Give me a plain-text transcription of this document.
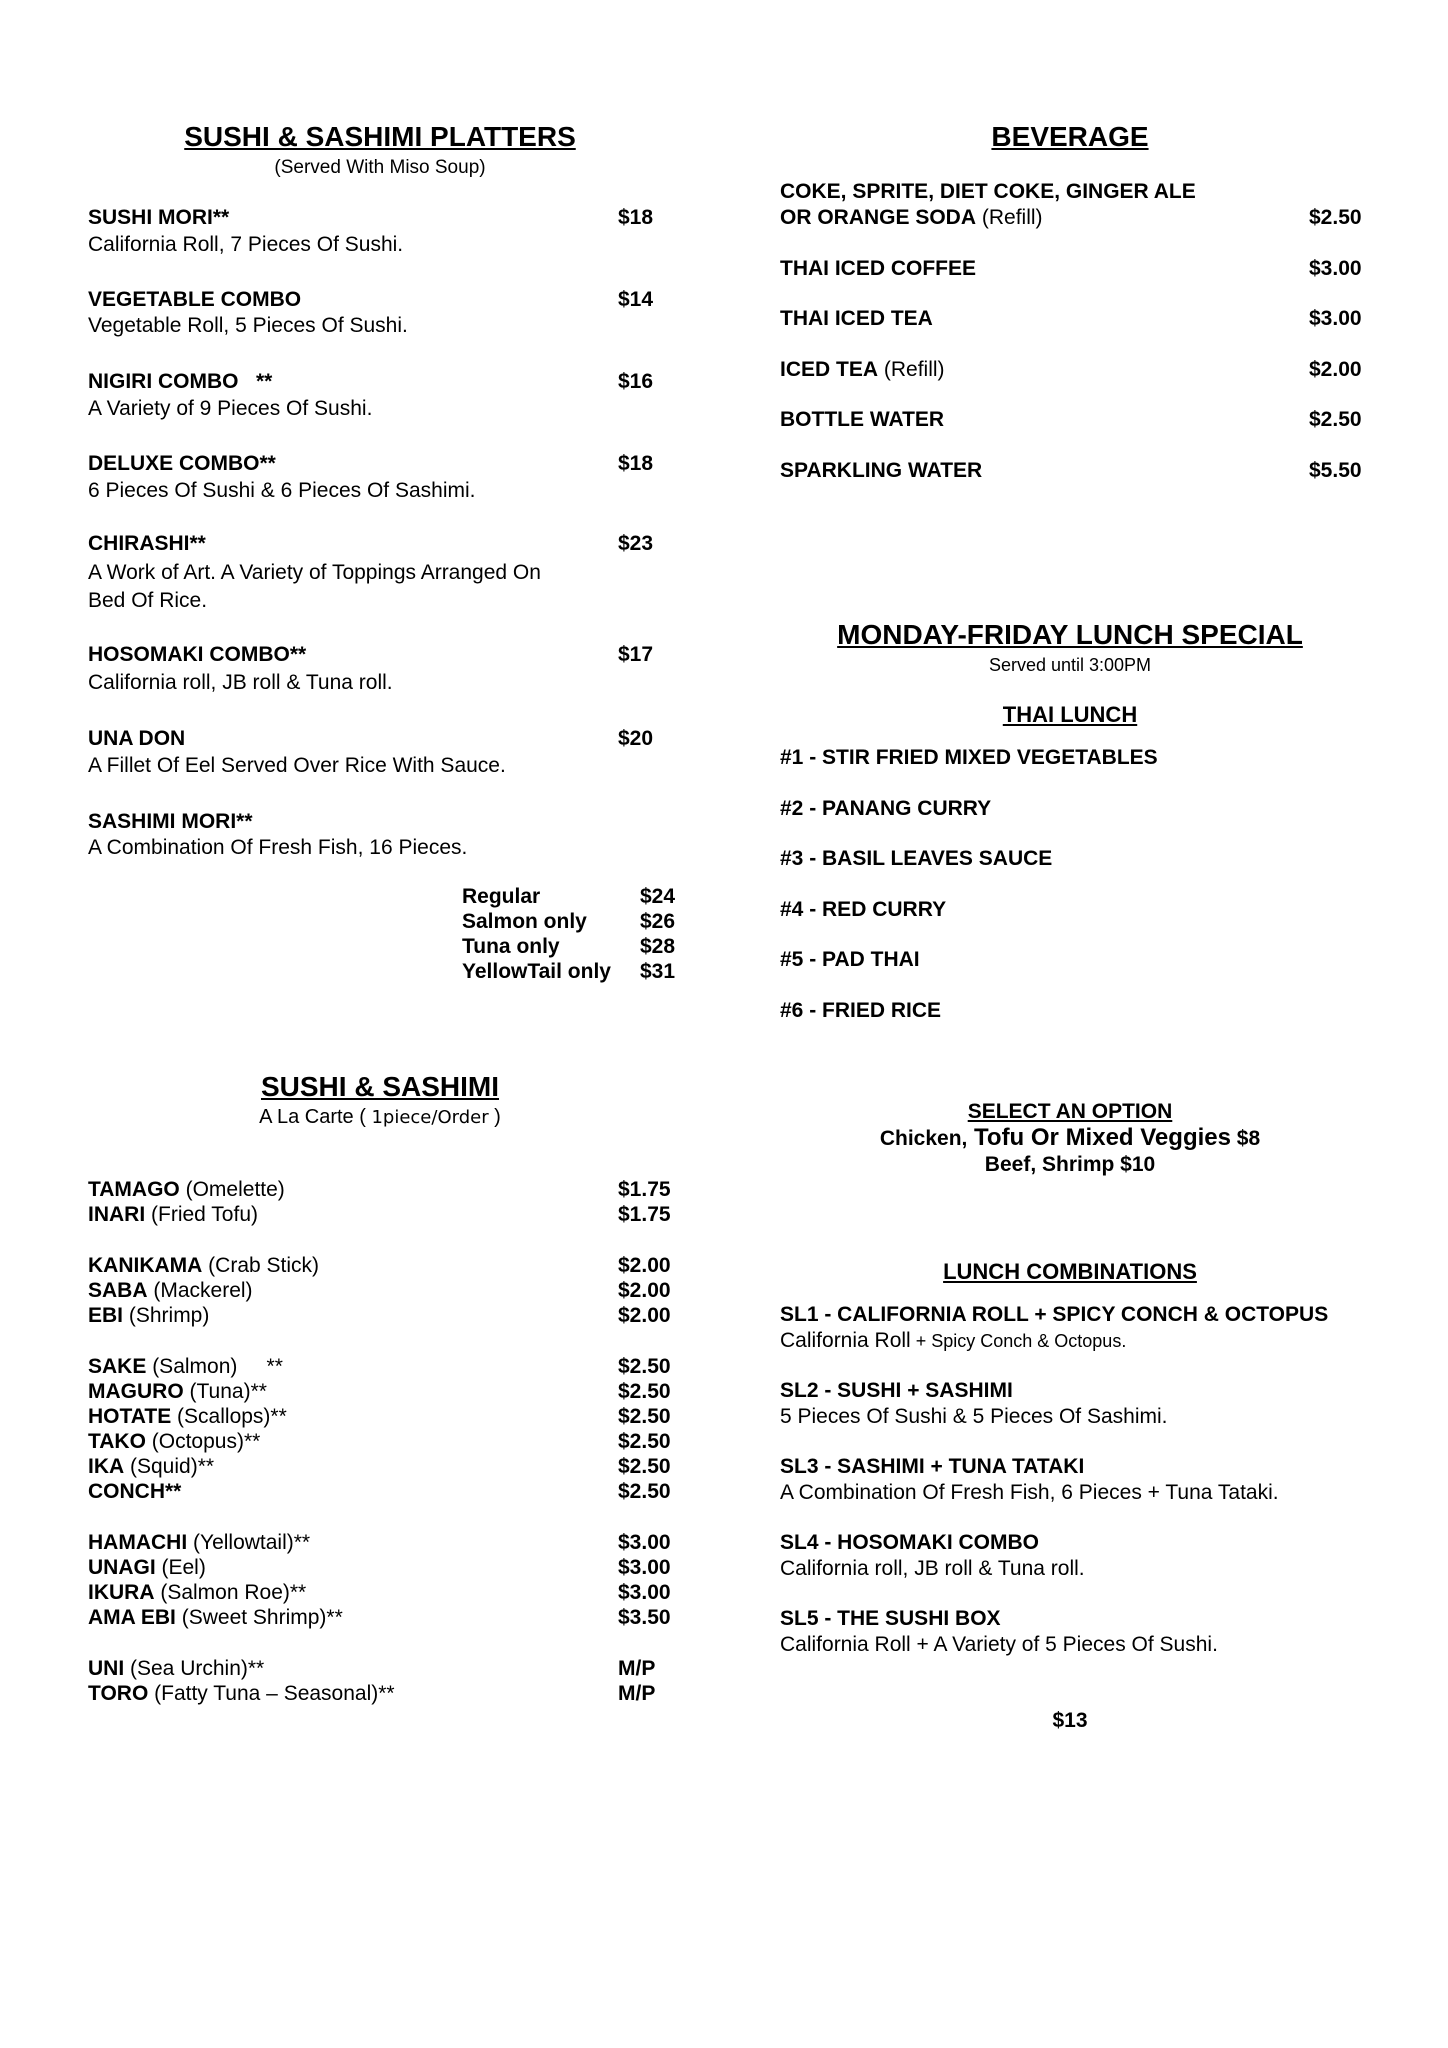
SUSHI & SASHIMI PLATTERS
(Served With Miso Soup)
SUSHI MORI**	$18
California Roll, 7 Pieces Of Sushi.
VEGETABLE COMBO	$14
Vegetable Roll, 5 Pieces Of Sushi.
NIGIRI COMBO   **	$16
A Variety of 9 Pieces Of Sushi.
DELUXE COMBO**	$18
6 Pieces Of Sushi & 6 Pieces Of Sashimi.
CHIRASHI**	$23
A Work of Art. A Variety of Toppings Arranged On
Bed Of Rice.
HOSOMAKI COMBO**	$17
California roll, JB roll & Tuna roll.
UNA DON	$20
A Fillet Of Eel Served Over Rice With Sauce.
SASHIMI MORI**
A Combination Of Fresh Fish, 16 Pieces.
Regular	$24
Salmon only	$26
Tuna only	$28
YellowTail only $31
SUSHI & SASHIMI
A La Carte ( 1piece/Order )
TAMAGO (Omelette)	$1.75
INARI (Fried Tofu)	$1.75
KANIKAMA (Crab Stick)	$2.00
SABA (Mackerel)	$2.00
EBI (Shrimp)	$2.00
SAKE (Salmon)     **	$2.50
MAGURO (Tuna)**	$2.50
HOTATE (Scallops)**	$2.50
TAKO (Octopus)**	$2.50
IKA (Squid)**	$2.50
CONCH**	$2.50
HAMACHI (Yellowtail)**	$3.00
UNAGI (Eel)	$3.00
IKURA (Salmon Roe)**	$3.00
AMA EBI (Sweet Shrimp)**	$3.50
UNI (Sea Urchin)**	M/P
TORO (Fatty Tuna – Seasonal)**	M/P
BEVERAGE
COKE, SPRITE, DIET COKE, GINGER ALE
OR ORANGE SODA (Refill)	$2.50
THAI ICED COFFEE	$3.00
THAI ICED TEA	$3.00
ICED TEA (Refill)	$2.00
BOTTLE WATER	$2.50
SPARKLING WATER	$5.50
MONDAY-FRIDAY LUNCH SPECIAL
Served until 3:00PM
THAI LUNCH
#1 - STIR FRIED MIXED VEGETABLES
#2 - PANANG CURRY
#3 - BASIL LEAVES SAUCE
#4 - RED CURRY
#5 - PAD THAI
#6 - FRIED RICE
SELECT AN OPTION
Chicken, Tofu Or Mixed Veggies $8
Beef, Shrimp $10
LUNCH COMBINATIONS
SL1 - CALIFORNIA ROLL + SPICY CONCH & OCTOPUS
California Roll + Spicy Conch & Octopus.
SL2 - SUSHI + SASHIMI
5 Pieces Of Sushi & 5 Pieces Of Sashimi.
SL3 - SASHIMI + TUNA TATAKI
A Combination Of Fresh Fish, 6 Pieces + Tuna Tataki.
SL4 - HOSOMAKI COMBO
California roll, JB roll & Tuna roll.
SL5 - THE SUSHI BOX
California Roll + A Variety of 5 Pieces Of Sushi.
$13
